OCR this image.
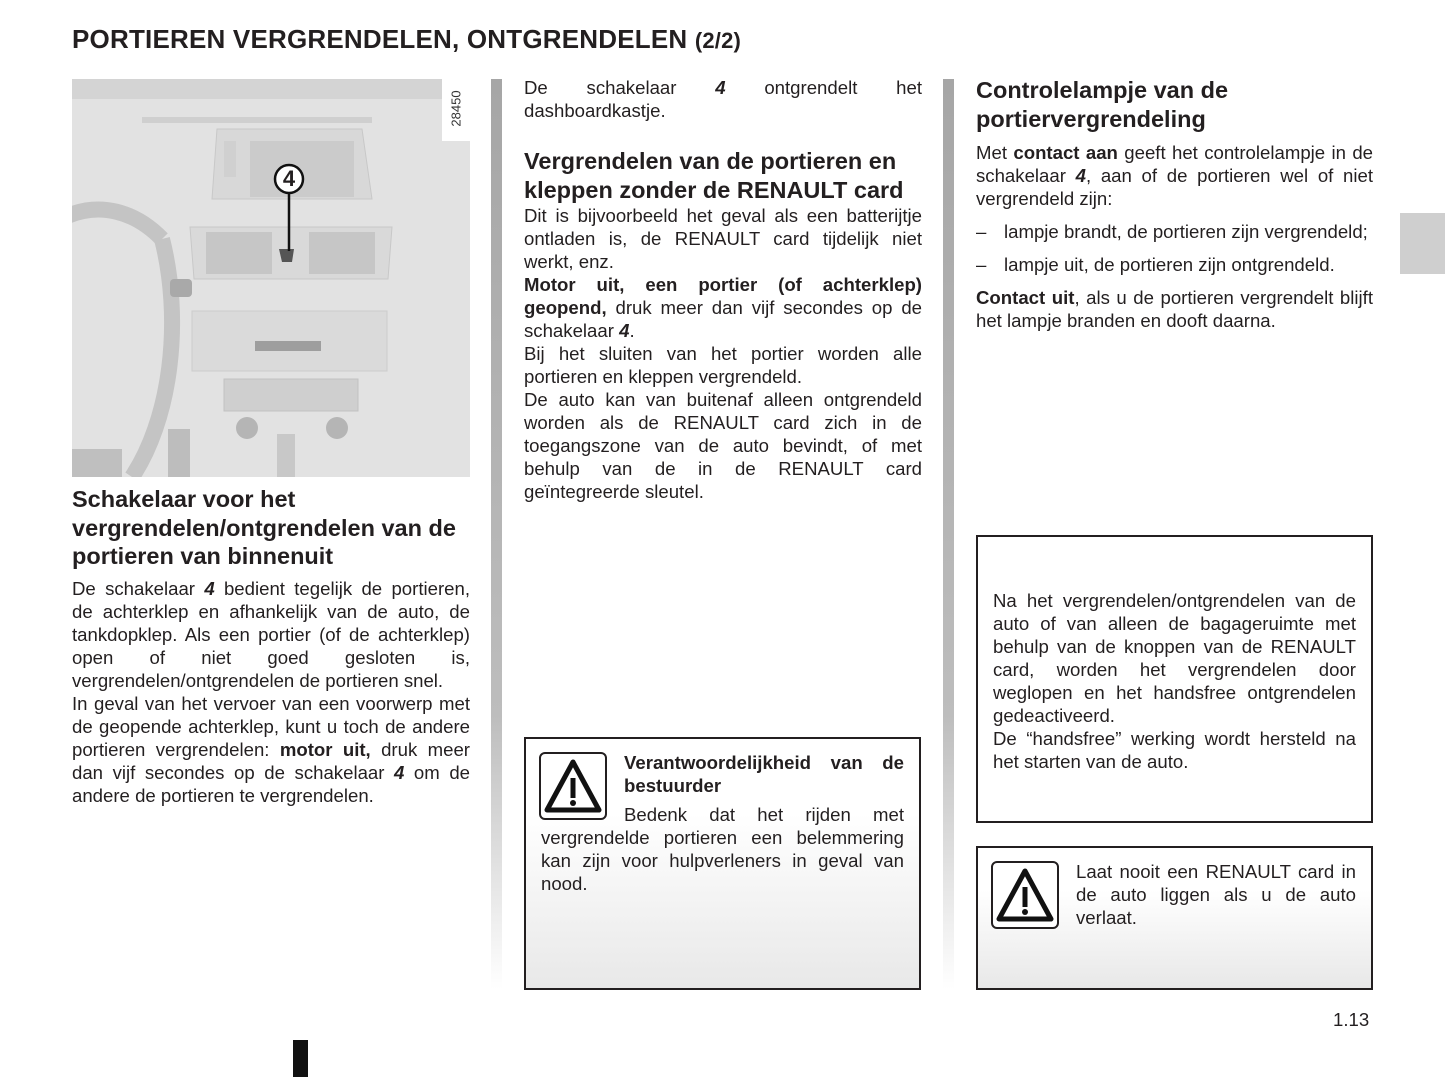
PORTIEREN VERGRENDELEN, ONTGRENDELEN (2/2)
4
28450
Schakelaar voor het vergrendelen/ontgrendelen van de portieren van binnenuit

De schakelaar 4 bedient tegelijk de portieren, de achterklep en afhankelijk van de auto, de tankdopklep. Als een portier (of de achterklep) open of niet goed gesloten is, vergrendelen/ontgrendelen de portieren snel.

In geval van het vervoer van een voorwerp met de geopende achterklep, kunt u toch de andere portieren vergrendelen: motor uit, druk meer dan vijf secondes op de schakelaar 4 om de andere de portieren te vergrendelen.

De schakelaar 4 ontgrendelt het dashboardkastje.

Vergrendelen van de portieren en kleppen zonder de RENAULT card

Dit is bijvoorbeeld het geval als een batterijtje ontladen is, de RENAULT card tijdelijk niet werkt, enz.

Motor uit, een portier (of achterklep) geopend, druk meer dan vijf secondes op de schakelaar 4.

Bij het sluiten van het portier worden alle portieren en kleppen vergrendeld.

De auto kan van buitenaf alleen ontgrendeld worden als de RENAULT card zich in de toegangszone van de auto bevindt, of met behulp van de in de RENAULT card geïntegreerde sleutel.

Verantwoordelijkheid van de bestuurder
Bedenk dat het rijden met vergrendelde portieren een belemmering kan zijn voor hulpverleners in geval van nood.
Controlelampje van de portiervergrendeling

Met contact aan geeft het controlelampje in de schakelaar 4, aan of de portieren wel of niet vergrendeld zijn:

– lampje brandt, de portieren zijn vergrendeld;

– lampje uit, de portieren zijn ontgrendeld.

Contact uit, als u de portieren vergrendelt blijft het lampje branden en dooft daarna.

Na het vergrendelen/ontgrendelen van de auto of van alleen de bagageruimte met behulp van de knoppen van de RENAULT card, worden het vergrendelen door weglopen en het handsfree ontgrendelen gedeactiveerd.
De “handsfree” werking wordt hersteld na het starten van de auto.
Laat nooit een RENAULT card in de auto liggen als u de auto verlaat.
1.13
